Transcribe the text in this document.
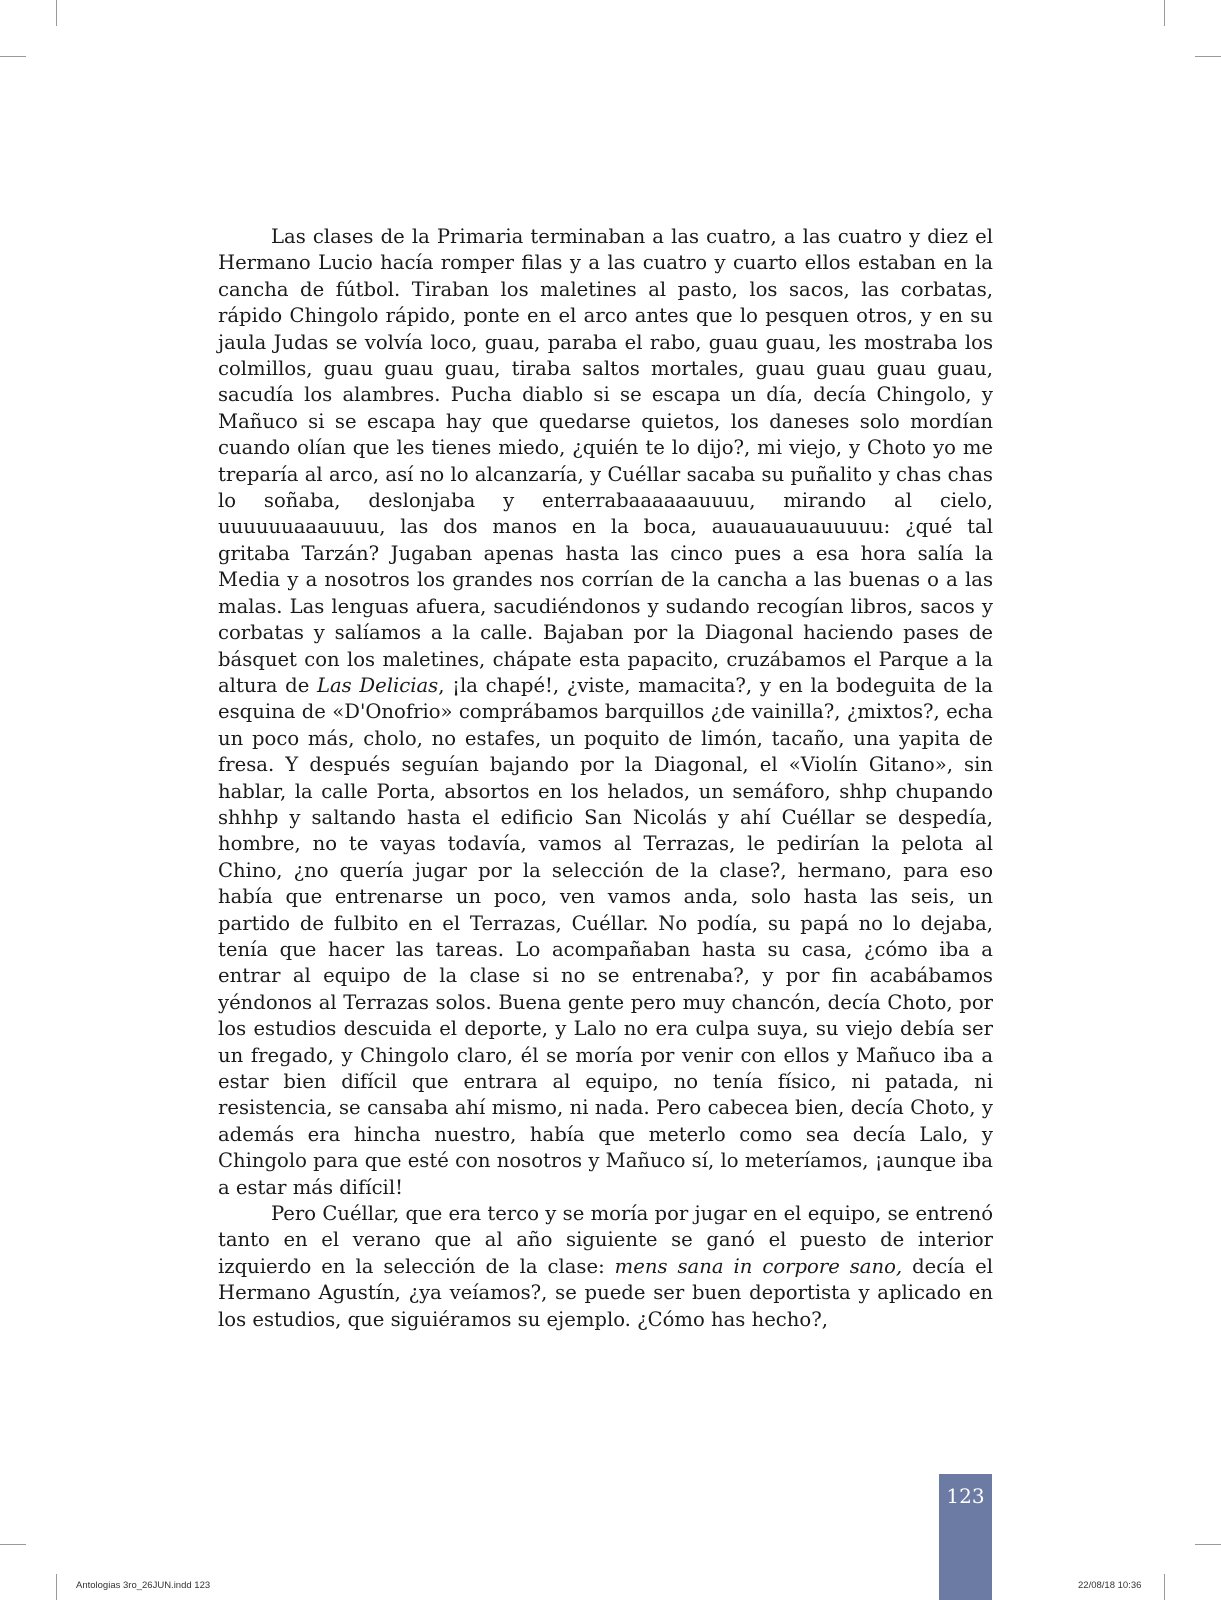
Las clases de la Primaria terminaban a las cuatro, a las cuatro y diez el Hermano Lucio hacía romper filas y a las cuatro y cuarto ellos estaban en la cancha de fútbol. Tiraban los maletines al pasto, los sacos, las corbatas, rápido Chingolo rápido, ponte en el arco antes que lo pesquen otros, y en su jaula Judas se volvía loco, guau, paraba el rabo, guau guau, les mostraba los colmillos, guau guau guau, tiraba saltos mortales, guau guau guau guau, sacudía los alambres. Pucha diablo si se escapa un día, decía Chingolo, y Mañuco si se escapa hay que quedarse quietos, los daneses solo mordían cuando olían que les tienes miedo, ¿quién te lo dijo?, mi viejo, y Choto yo me treparía al arco, así no lo alcanzaría, y Cuéllar sacaba su puñalito y chas chas lo soñaba, deslonjaba y enterrabaaaaaauuuu, mirando al cielo, uuuuuuaaauuuu, las dos manos en la boca, auauauauauuuuu: ¿qué tal gritaba Tarzán? Jugaban apenas hasta las cinco pues a esa hora salía la Media y a nosotros los grandes nos corrían de la cancha a las buenas o a las malas. Las lenguas afuera, sacudiéndonos y sudando recogían libros, sacos y corbatas y salíamos a la calle. Bajaban por la Diagonal haciendo pases de básquet con los maletines, chápate esta papacito, cruzábamos el Parque a la altura de Las Delicias, ¡la chapé!, ¿viste, mamacita?, y en la bodeguita de la esquina de «D'Onofrio» comprábamos barquillos ¿de vainilla?, ¿mixtos?, echa un poco más, cholo, no estafes, un poquito de limón, tacaño, una yapita de fresa. Y después seguían bajando por la Diagonal, el «Violín Gitano», sin hablar, la calle Porta, absortos en los helados, un semáforo, shhp chupando shhhp y saltando hasta el edificio San Nicolás y ahí Cuéllar se despedía, hombre, no te vayas todavía, vamos al Terrazas, le pedirían la pelota al Chino, ¿no quería jugar por la selección de la clase?, hermano, para eso había que entrenarse un poco, ven vamos anda, solo hasta las seis, un partido de fulbito en el Terrazas, Cuéllar. No podía, su papá no lo dejaba, tenía que hacer las tareas. Lo acompañaban hasta su casa, ¿cómo iba a entrar al equipo de la clase si no se entrenaba?, y por fin acabábamos yéndonos al Terrazas solos. Buena gente pero muy chancón, decía Choto, por los estudios descuida el deporte, y Lalo no era culpa suya, su viejo debía ser un fregado, y Chingolo claro, él se moría por venir con ellos y Mañuco iba a estar bien difícil que entrara al equipo, no tenía físico, ni patada, ni resistencia, se cansaba ahí mismo, ni nada. Pero cabecea bien, decía Choto, y además era hincha nuestro, había que meterlo como sea decía Lalo, y Chingolo para que esté con nosotros y Mañuco sí, lo meteríamos, ¡aunque iba a estar más difícil!

Pero Cuéllar, que era terco y se moría por jugar en el equipo, se entrenó tanto en el verano que al año siguiente se ganó el puesto de interior izquierdo en la selección de la clase: mens sana in corpore sano, decía el Hermano Agustín, ¿ya veíamos?, se puede ser buen deportista y aplicado en los estudios, que siguiéramos su ejemplo. ¿Cómo has hecho?,

123
Antologias 3ro_26JUN.indd 123	22/08/18 10:36
